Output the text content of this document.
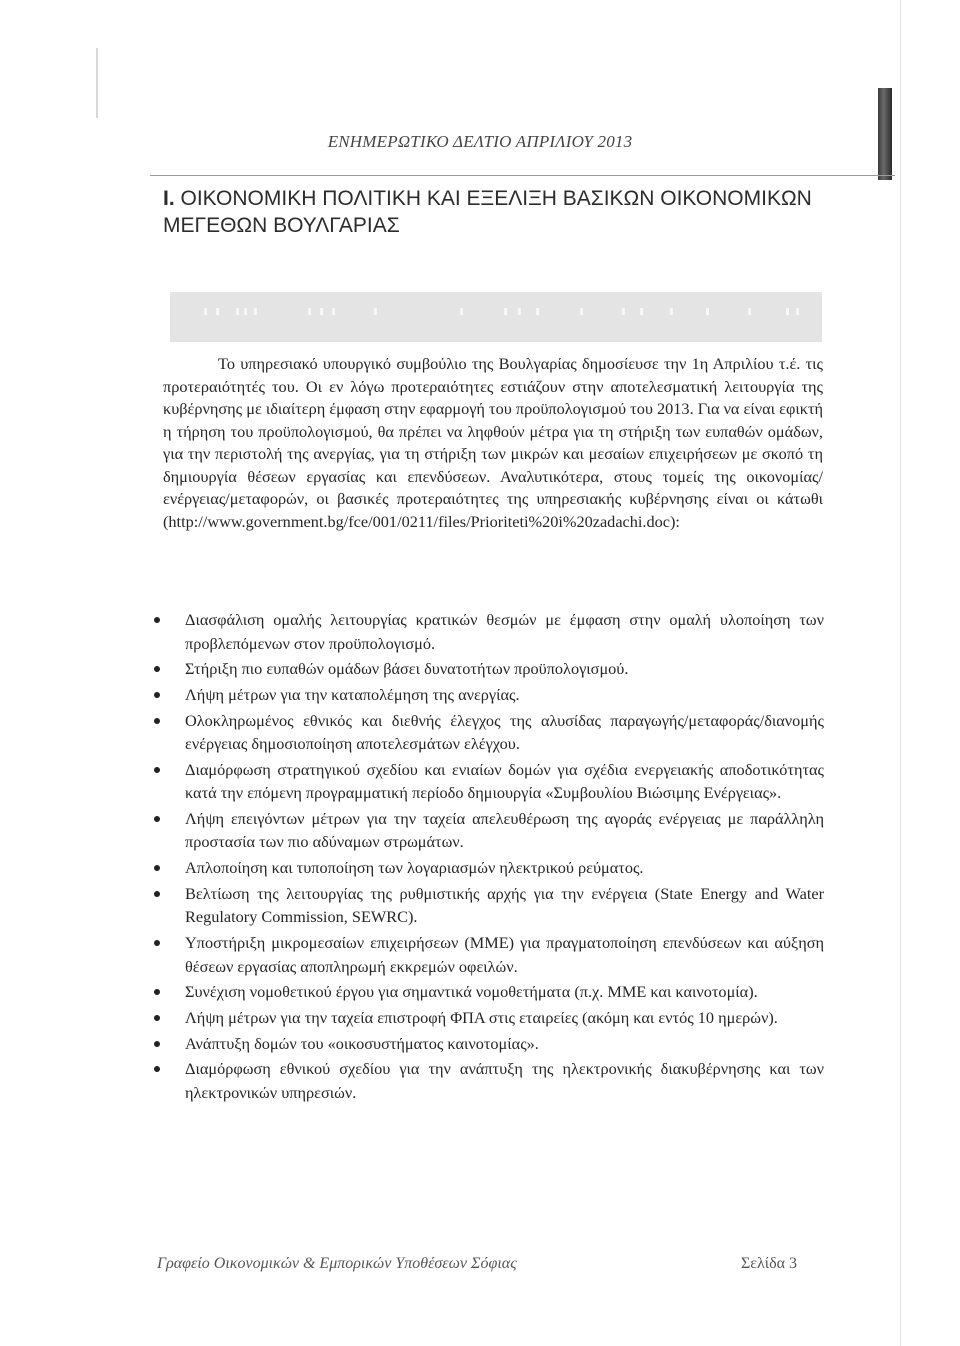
ΕΝΗΜΕΡΩΤΙΚΟ ΔΕΛΤΙΟ ΑΠΡΙΛΙΟΥ 2013
I. ΟΙΚΟΝΟΜΙΚΗ ΠΟΛΙΤΙΚΗ ΚΑΙ ΕΞΕΛΙΞΗ ΒΑΣΙΚΩΝ ΟΙΚΟΝΟΜΙΚΩΝ ΜΕΓΕΘΩΝ ΒΟΥΛΓΑΡΙΑΣ
Το υπηρεσιακό υπουργικό συμβούλιο της Βουλγαρίας δημοσίευσε την 1η Απριλίου τ.έ. τις προτεραιότητές του. Οι εν λόγω προτεραιότητες εστιάζουν στην αποτελεσματική λειτουργία της κυβέρνησης με ιδιαίτερη έμφαση στην εφαρμογή του προϋπολογισμού του 2013. Για να είναι εφικτή η τήρηση του προϋπολογισμού, θα πρέπει να ληφθούν μέτρα για τη στήριξη των ευπαθών ομάδων, για την περιστολή της ανεργίας, για τη στήριξη των μικρών και μεσαίων επιχειρήσεων με σκοπό τη δημιουργία θέσεων εργασίας και επενδύσεων. Αναλυτικότερα, στους τομείς της οικονομίας/ενέργειας/μεταφορών, οι βασικές προτεραιότητες της υπηρεσιακής κυβέρνησης είναι οι κάτωθι (http://www.government.bg/fce/001/0211/files/Prioriteti%20i%20zadachi.doc):
Διασφάλιση ομαλής λειτουργίας κρατικών θεσμών με έμφαση στην ομαλή υλοποίηση των προβλεπόμενων στον προϋπολογισμό.
Στήριξη πιο ευπαθών ομάδων βάσει δυνατοτήτων προϋπολογισμού.
Λήψη μέτρων για την καταπολέμηση της ανεργίας.
Ολοκληρωμένος εθνικός και διεθνής έλεγχος της αλυσίδας παραγωγής/μεταφοράς/διανομής ενέργειας δημοσιοποίηση αποτελεσμάτων ελέγχου.
Διαμόρφωση στρατηγικού σχεδίου και ενιαίων δομών για σχέδια ενεργειακής αποδοτικότητας κατά την επόμενη προγραμματική περίοδο δημιουργία «Συμβουλίου Βιώσιμης Ενέργειας».
Λήψη επειγόντων μέτρων για την ταχεία απελευθέρωση της αγοράς ενέργειας με παράλληλη προστασία των πιο αδύναμων στρωμάτων.
Απλοποίηση και τυποποίηση των λογαριασμών ηλεκτρικού ρεύματος.
Βελτίωση της λειτουργίας της ρυθμιστικής αρχής για την ενέργεια (State Energy and Water Regulatory Commission, SEWRC).
Υποστήριξη μικρομεσαίων επιχειρήσεων (ΜΜΕ) για πραγματοποίηση επενδύσεων και αύξηση θέσεων εργασίας αποπληρωμή εκκρεμών οφειλών.
Συνέχιση νομοθετικού έργου για σημαντικά νομοθετήματα (π.χ. ΜΜΕ και καινοτομία).
Λήψη μέτρων για την ταχεία επιστροφή ΦΠΑ στις εταιρείες (ακόμη και εντός 10 ημερών).
Ανάπτυξη δομών του «οικοσυστήματος καινοτομίας».
Διαμόρφωση εθνικού σχεδίου για την ανάπτυξη της ηλεκτρονικής διακυβέρνησης και των ηλεκτρονικών υπηρεσιών.
Γραφείο Οικονομικών & Εμπορικών Υποθέσεων Σόφιας	Σελίδα 3
